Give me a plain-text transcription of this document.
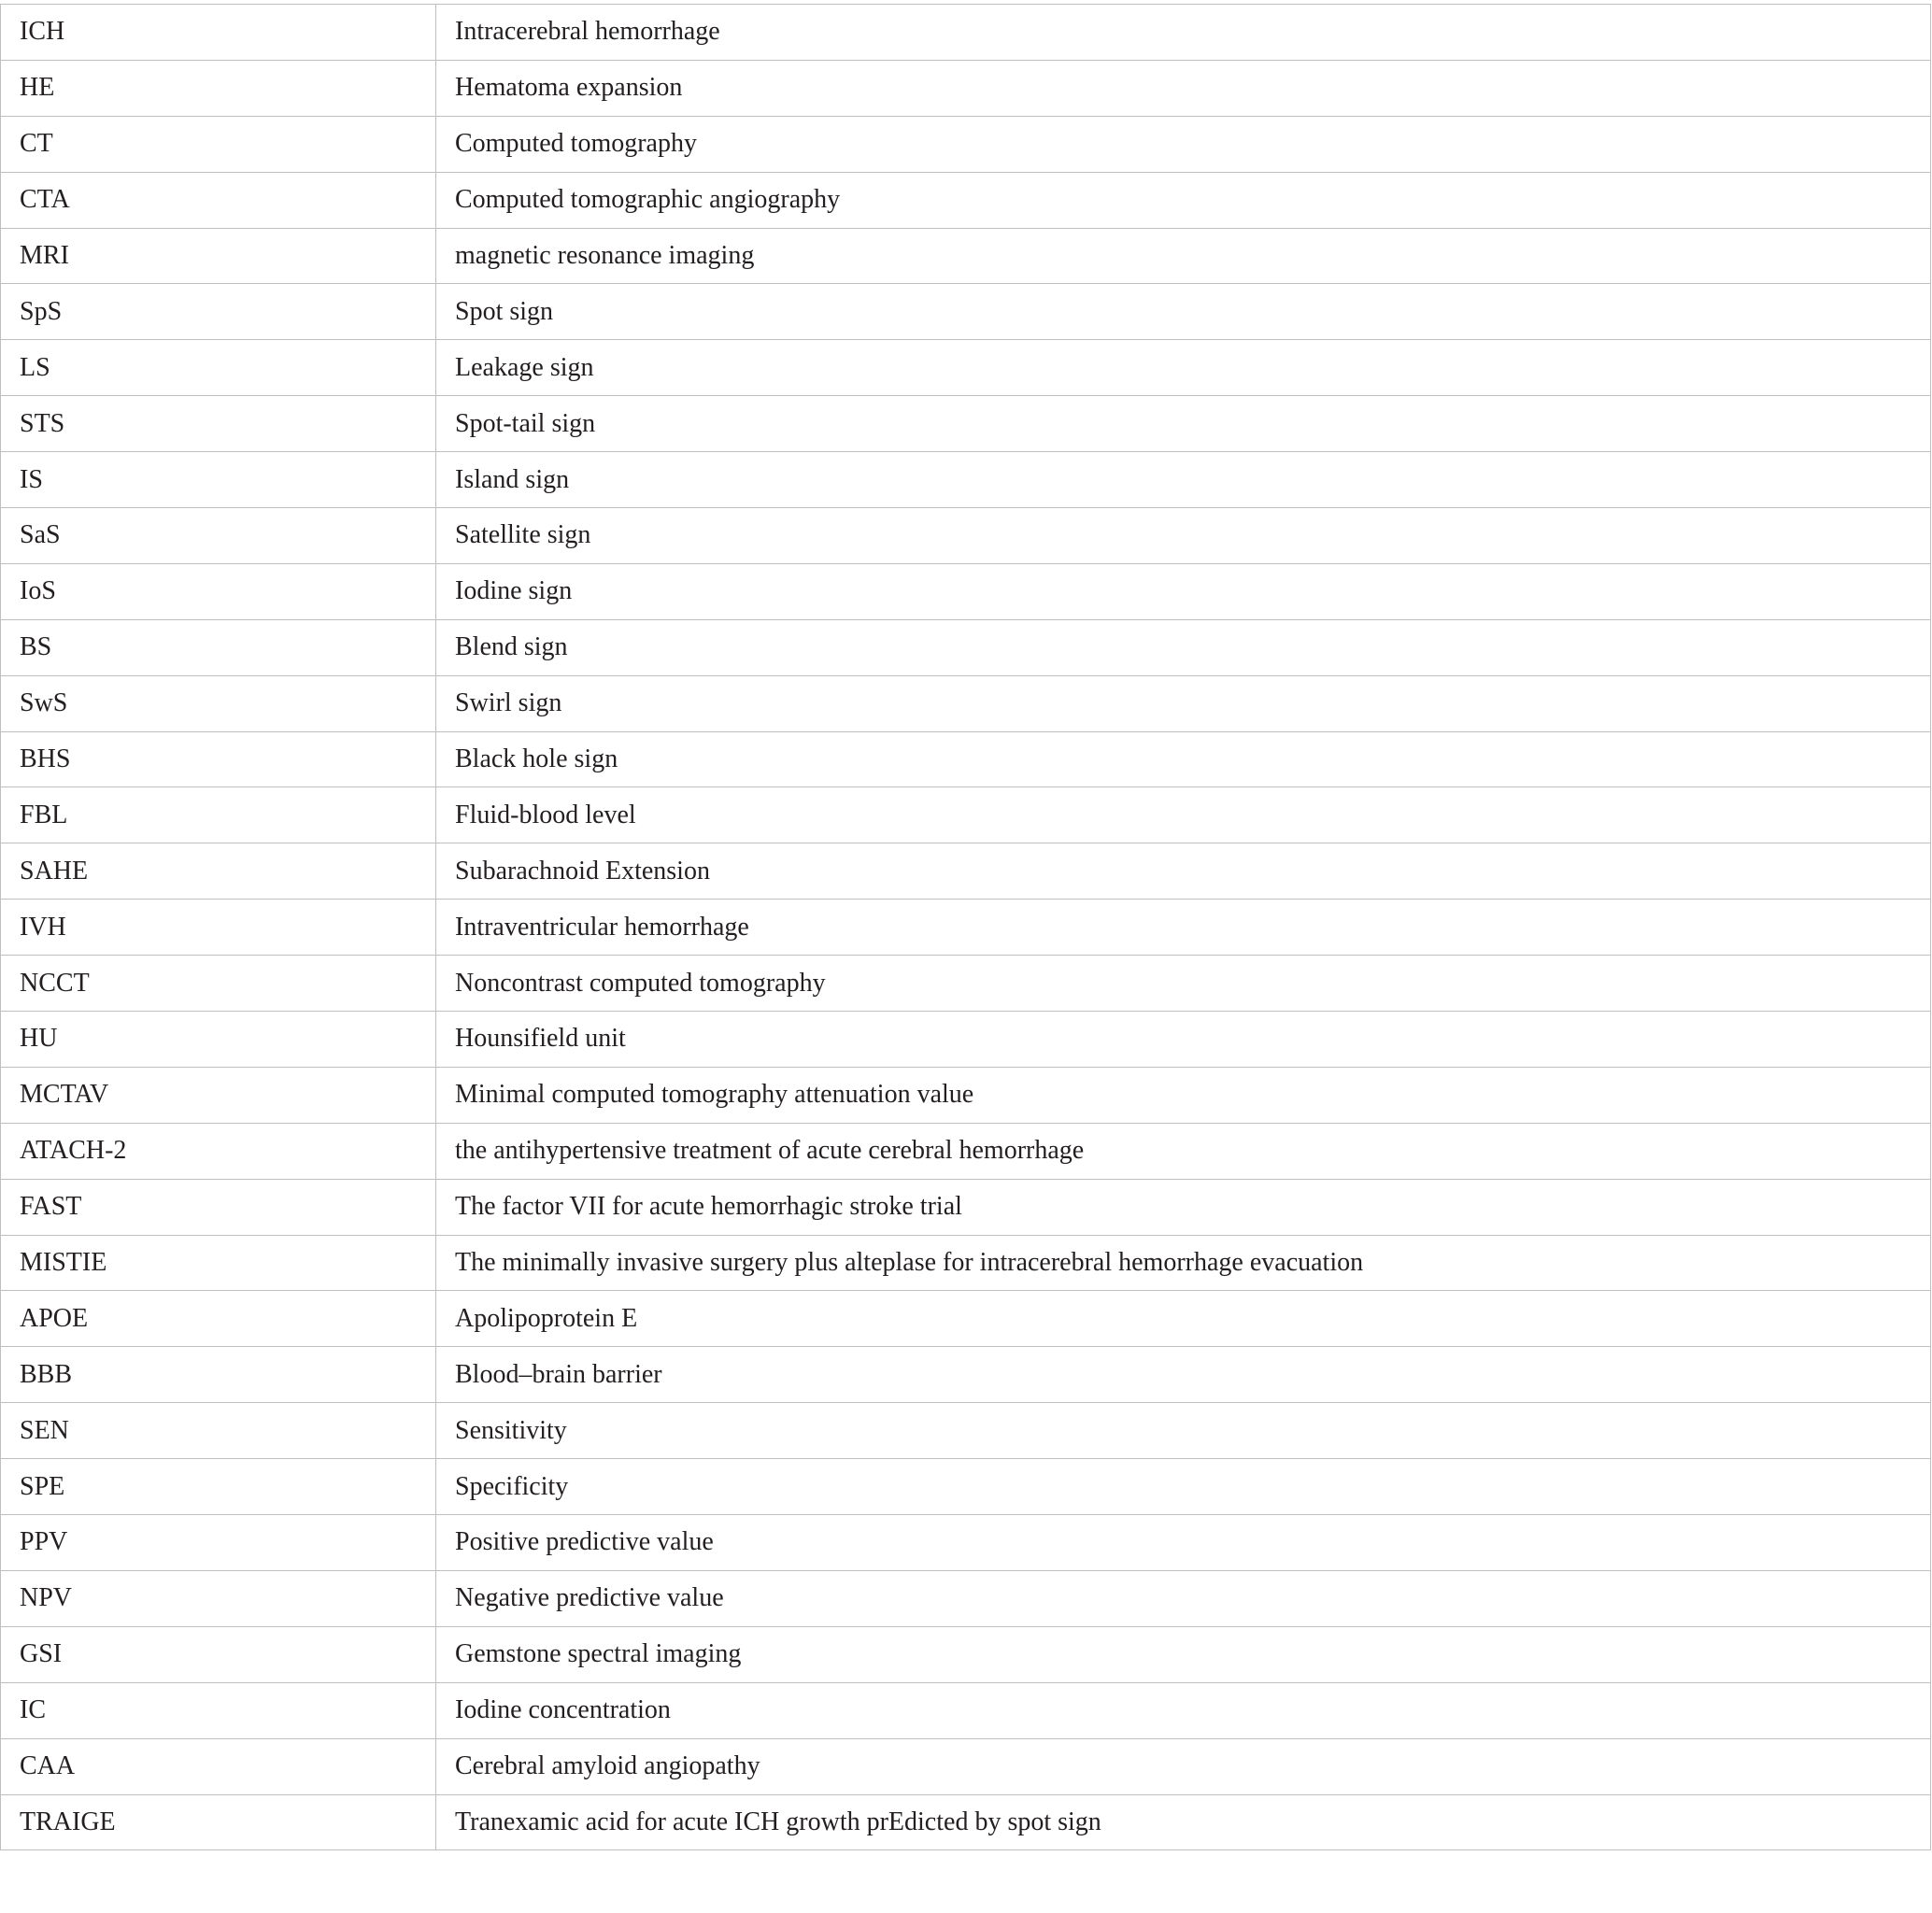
ICH	Intracerebral hemorrhage
HE	Hematoma expansion
CT	Computed tomography
CTA	Computed tomographic angiography
MRI	magnetic resonance imaging
SpS	Spot sign
LS	Leakage sign
STS	Spot-tail sign
IS	Island sign
SaS	Satellite sign
IoS	Iodine sign
BS	Blend sign
SwS	Swirl sign
BHS	Black hole sign
FBL	Fluid-blood level
SAHE	Subarachnoid Extension
IVH	Intraventricular hemorrhage
NCCT	Noncontrast computed tomography
HU	Hounsifield unit
MCTAV	Minimal computed tomography attenuation value
ATACH-2	the antihypertensive treatment of acute cerebral hemorrhage
FAST	The factor VII for acute hemorrhagic stroke trial
MISTIE	The minimally invasive surgery plus alteplase for intracerebral hemorrhage evacuation
APOE	Apolipoprotein E
BBB	Blood–brain barrier
SEN	Sensitivity
SPE	Specificity
PPV	Positive predictive value
NPV	Negative predictive value
GSI	Gemstone spectral imaging
IC	Iodine concentration
CAA	Cerebral amyloid angiopathy
TRAIGE	Tranexamic acid for acute ICH growth prEdicted by spot sign
